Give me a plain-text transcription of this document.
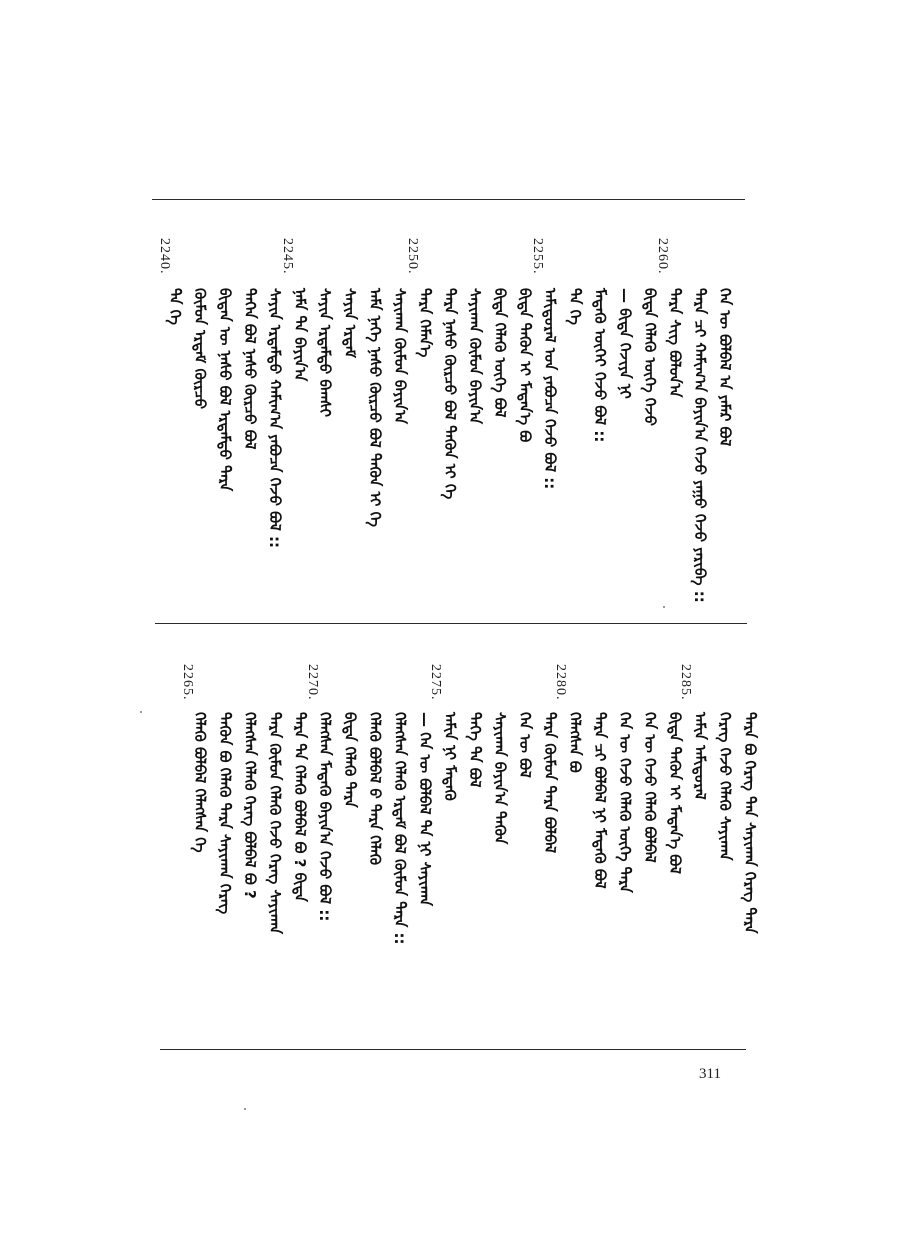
2260.
2255.
2250.
2245.
2240.
ᠬᠡᠨ ᠦ ᠪᠣᠯᠪᠠᠯ ᠠ ᠶᠠᠮᠠᠷ ᠪᠣᠯ
ᠲᠡᠷᠡ ᠴᠢ ᠬᠠᠮᠢᠭ᠎ᠠ ᠪᠠᠶᠢᠨ᠎ᠠ ᠭᠡᠵᠦ ᠶᠠᠭᠤ ᠭᠡᠵᠦ ᠶᠠᠷᠢᠪᠠ ::
ᠲᠡᠷᠡ ᠰᠢᠭ ᠪᠣᠯᠤᠨ᠎ᠠ
ᠪᠢᠳᠡ ᠬᠡᠯᠡᠬᠦ ᠦᠭᠡ ᠭᠡᠵᠦ
— ᠪᠢᠳᠡ ᠬᠡᠵᠢᠶᠡ ᠨᠢ
ᠮᠡᠳᠡᠬᠦ ᠦᠭᠡᠢ ᠭᠡᠵᠦ ᠪᠣᠯ ::
ᠲᠡ ᠭᠡ
ᠠᠮᠢᠳᠤᠷᠠᠯ ᠤᠨ ᠶᠠᠪᠤᠴᠠ ᠭᠡᠵᠦ ᠪᠣᠯ ::
ᠪᠢᠳᠡ ᠲᠡᠭᠦᠨ ᠢ ᠮᠡᠳᠡᠨ᠎ᠡ ᠪᠣ
ᠪᠢᠳᠡ ᠬᠡᠯᠡᠬᠦ ᠦᠭᠡ ᠪᠣᠯ
ᠰᠠᠶᠢᠬᠠᠨ ᠬᠦᠮᠦᠨ ᠪᠠᠶᠢᠨ᠎ᠠ
ᠲᠡᠷᠡ ᠨᠠᠰᠤ ᠬᠦᠷᠴᠦ ᠪᠣᠯ ᠲᠡᠭᠦᠨ ᠢ ᠭᠡ
ᠲᠡᠷᠡ ᠬᠡᠮᠡᠨ᠎ᠡ
ᠰᠠᠶᠢᠬᠠᠨ ᠬᠦᠮᠦᠨ ᠪᠠᠶᠢᠨ᠎ᠠ
ᠠᠮᠠ ᠨᠡᠭᠡ ᠨᠠᠰᠤ ᠬᠦᠷᠴᠦ ᠪᠣᠯ ᠲᠡᠭᠦᠨ ᠢ ᠭᠡ
ᠰᠠᠶᠢᠨ ᠡᠷᠳᠡᠮ
ᠰᠠᠶᠢᠨ ᠡᠷᠳᠡᠮᠲᠦ ᠪᠠᠭᠰᠢ
ᠨᠠᠮᠠ ᠲᠠ ᠪᠠᠶᠢᠨ᠎ᠠ
ᠰᠠᠶᠢᠨ ᠡᠷᠳᠡᠮᠲᠦ ᠬᠠᠮᠢᠭ᠎ᠠ ᠶᠠᠪᠤᠴᠠ ᠭᠡᠵᠦ ᠪᠣᠯ ::
ᠲᠡᠭᠡᠨ ᠪᠣᠯ ᠨᠠᠰᠤ ᠬᠦᠷᠴᠦ ᠪᠣᠯ
ᠪᠢᠳᠡᠨ ᠦ ᠨᠠᠰᠤ ᠪᠣᠯ ᠡᠷᠳᠡᠮᠲᠦ ᠲᠡᠷᠡ
ᠬᠦᠮᠦᠨ ᠡᠷᠳᠡᠮ ᠬᠦᠷᠴᠦ
ᠲᠡ ᠭᠡ
2285.
2280.
2275.
2270.
2265.
ᠲᠡᠷᠡ ᠪᠣ ᠬᠡᠷᠡᠭ ᠲᠠᠨ ᠰᠠᠶᠢᠬᠠᠨ ᠬᠡᠷᠡᠭ ᠲᠡᠷᠡ
ᠬᠡᠷᠡᠭ ᠭᠡᠵᠦ ᠬᠡᠯᠡᠬᠦ ᠰᠠᠶᠢᠬᠠᠨ
ᠠᠮᠢᠨ ᠠᠮᠢᠳᠤᠷᠠᠯ
ᠪᠢᠳᠡ ᠲᠡᠭᠦᠨ ᠢ ᠮᠡᠳᠡᠨ᠎ᠡ ᠪᠣᠯ
ᠬᠡᠨ ᠦ ᠭᠡᠵᠦ ᠬᠡᠯᠡᠬᠦ ᠪᠣᠯᠪᠠᠯ
ᠬᠡᠨ ᠦ ᠭᠡᠵᠦ ᠬᠡᠯᠡᠬᠦ ᠦᠭᠡ ᠲᠡᠷᠡ
ᠲᠡᠷᠡ ᠴᠢ ᠪᠣᠯᠪᠠᠯ ᠨᠢ ᠮᠡᠳᠡᠬᠦ ᠪᠣᠯ
ᠬᠡᠯᠡᠭᠰᠡᠨ ᠪᠣ
ᠲᠡᠷᠡ ᠬᠦᠮᠦᠨ ᠲᠡᠷᠡ ᠪᠣᠯᠪᠠᠯ
ᠬᠡᠨ ᠦ ᠪᠣᠯ
ᠰᠠᠶᠢᠬᠠᠨ ᠪᠠᠶᠢᠨ᠎ᠠ ᠲᠡᠭᠦᠨ
ᠲᠡᠭᠡ ᠲᠡ ᠪᠣᠯ
ᠠᠮᠢᠨ ᠨᠢ ᠮᠡᠳᠡᠬᠦ
— ᠬᠡᠨ ᠦ ᠪᠣᠯᠪᠠᠯ ᠲᠡ ᠨᠢ ᠰᠠᠶᠢᠬᠠᠨ
ᠬᠡᠯᠡᠭᠰᠡᠨ ᠬᠡᠯᠡᠬᠦ ᠡᠷᠳᠡᠮ ᠪᠣᠯ ᠬᠦᠮᠦᠨ ᠲᠡᠷᠡ ::
ᠬᠡᠯᠡᠬᠦ ᠪᠣᠯᠪᠠᠯ ᠪ ᠲᠡᠷᠡ ᠬᠡᠯᠡᠬᠦ
ᠪᠢᠳᠡ ᠬᠡᠯᠡᠬᠦ ᠲᠡᠷᠡ
ᠬᠡᠯᠡᠭᠰᠡᠨ ᠮᠡᠳᠡᠬᠦ ᠪᠠᠶᠢᠨ᠎ᠠ ᠭᠡᠵᠦ ᠪᠣᠯ ::
ᠲᠡᠷᠡ ᠲᠡ ᠬᠡᠯᠡᠬᠦ ᠪᠣᠯᠪᠠᠯ ᠪᠣ ? ᠪᠢᠳᠡ
ᠲᠡᠷᠡ ᠬᠦᠮᠦᠨ ᠬᠡᠯᠡᠬᠦ ᠭᠡᠵᠦ ᠬᠡᠷᠡᠭ ᠰᠠᠶᠢᠬᠠᠨ
ᠬᠡᠯᠡᠭᠰᠡᠨ ᠬᠡᠯᠡᠬᠦ ᠬᠡᠷᠡᠭ ᠪᠣᠯᠪᠠᠯ ᠪᠣ ?
ᠲᠡᠭᠦᠨ ᠪᠣ ᠬᠡᠯᠡᠬᠦ ᠲᠡᠷᠡ ᠰᠠᠶᠢᠬᠠᠨ ᠬᠡᠷᠡᠭ
ᠬᠡᠯᠡᠬᠦ ᠪᠣᠯᠪᠠᠯ ᠬᠡᠯᠡᠭᠰᠡᠨ ᠭᠡ
311
